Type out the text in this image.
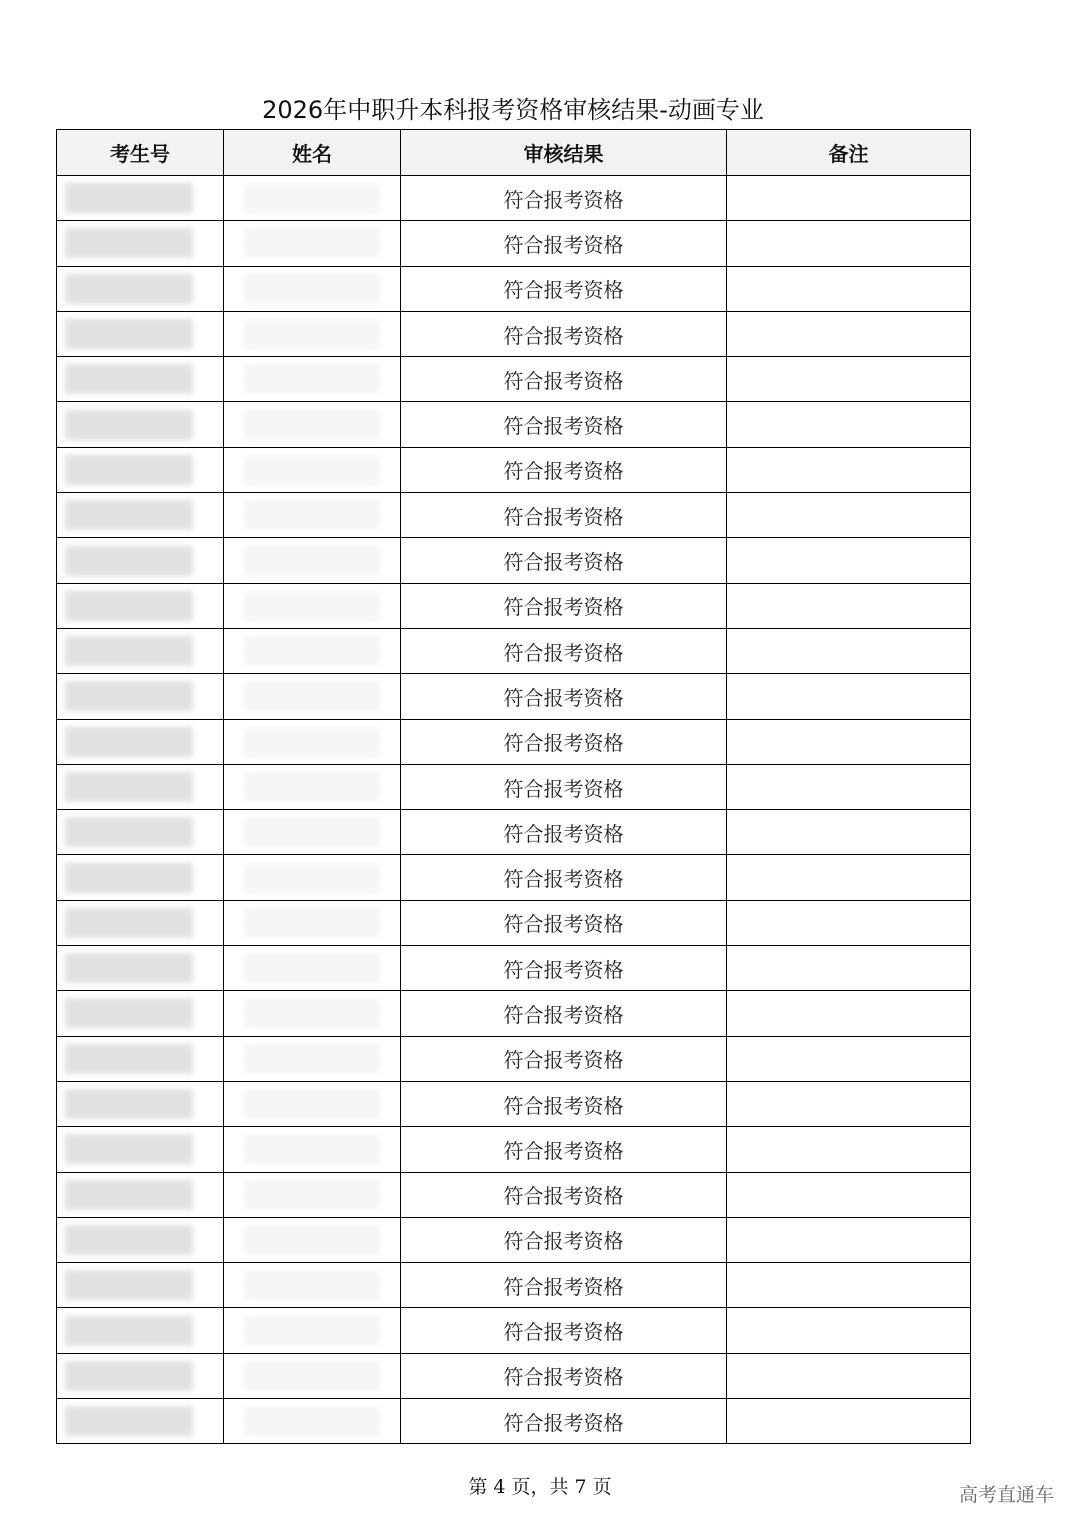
2026年中职升本科报考资格审核结果-动画专业
考生号	姓名	审核结果	备注
		符合报考资格	
		符合报考资格	
		符合报考资格	
		符合报考资格	
		符合报考资格	
		符合报考资格	
		符合报考资格	
		符合报考资格	
		符合报考资格	
		符合报考资格	
		符合报考资格	
		符合报考资格	
		符合报考资格	
		符合报考资格	
		符合报考资格	
		符合报考资格	
		符合报考资格	
		符合报考资格	
		符合报考资格	
		符合报考资格	
		符合报考资格	
		符合报考资格	
		符合报考资格	
		符合报考资格	
		符合报考资格	
		符合报考资格	
		符合报考资格	
		符合报考资格	
第 4 页，共 7 页	高考直通车
